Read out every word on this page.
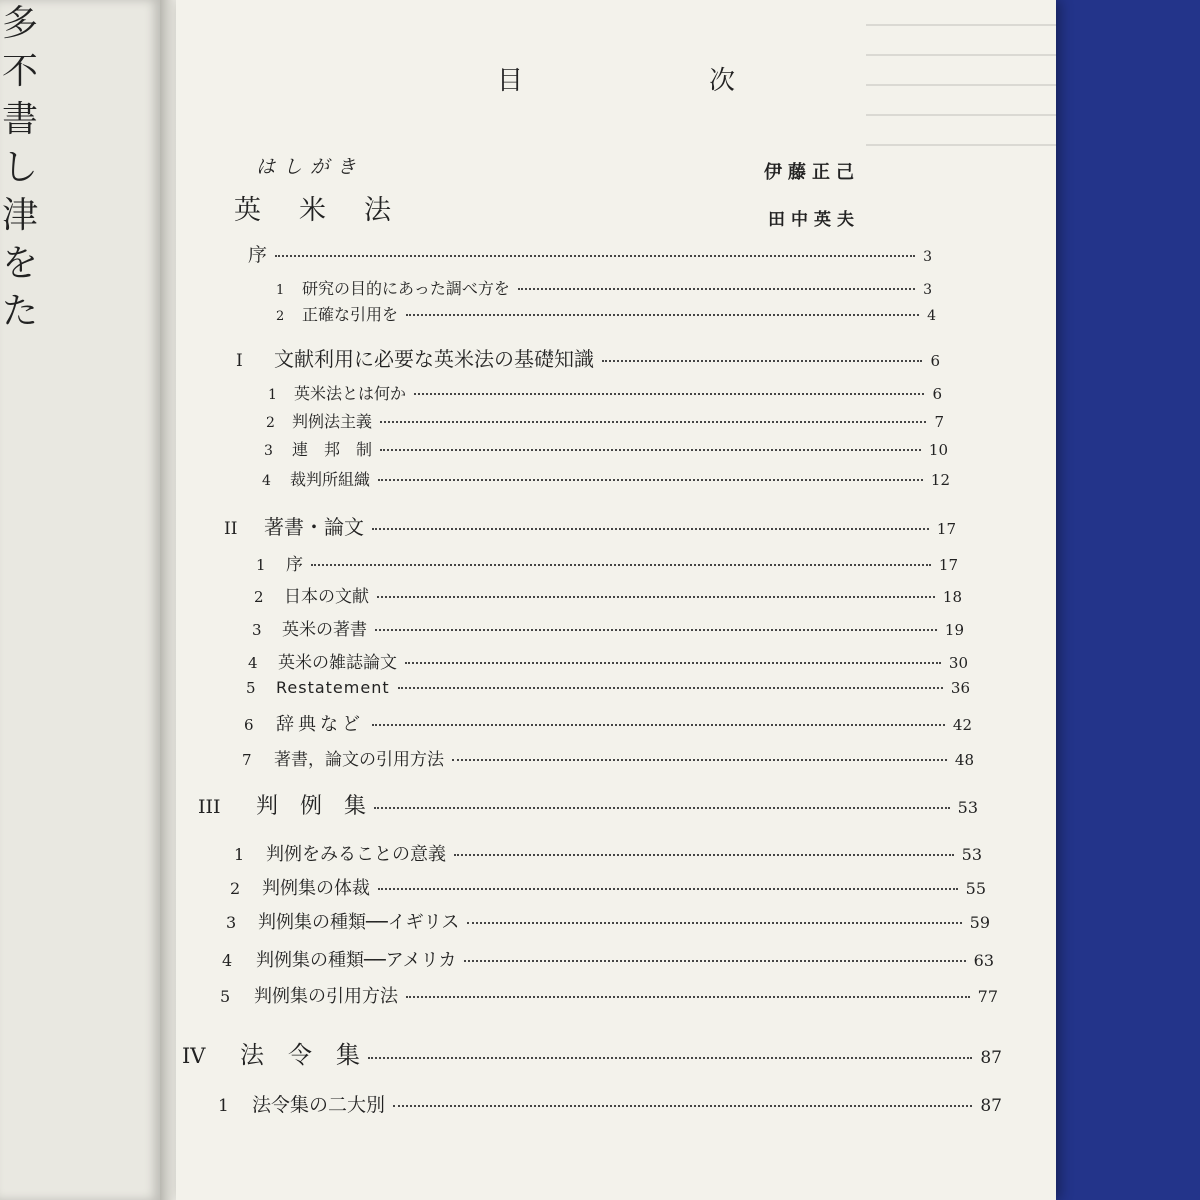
多
不書
し
津
を
た
目　次
はしがき	伊藤正己
英米法	田中英夫
序	3
1	研究の目的にあった調べ方を	3
2	正確な引用を	4
I	文献利用に必要な英米法の基礎知識	6
1	英米法とは何か	6
2	判例法主義	7
3	連　邦　制	10
4	裁判所組織	12
II	著書・論文	17
1	序	17
2	日本の文献	18
3	英米の著書	19
4	英米の雑誌論文	30
5	Restatement	36
6	辞典など	42
7	著書，論文の引用方法	48
III	判　例　集	53
1	判例をみることの意義	53
2	判例集の体裁	55
3	判例集の種類──イギリス	59
4	判例集の種類──アメリカ	63
5	判例集の引用方法	77
IV	法　令　集	87
1	法令集の二大別	87
